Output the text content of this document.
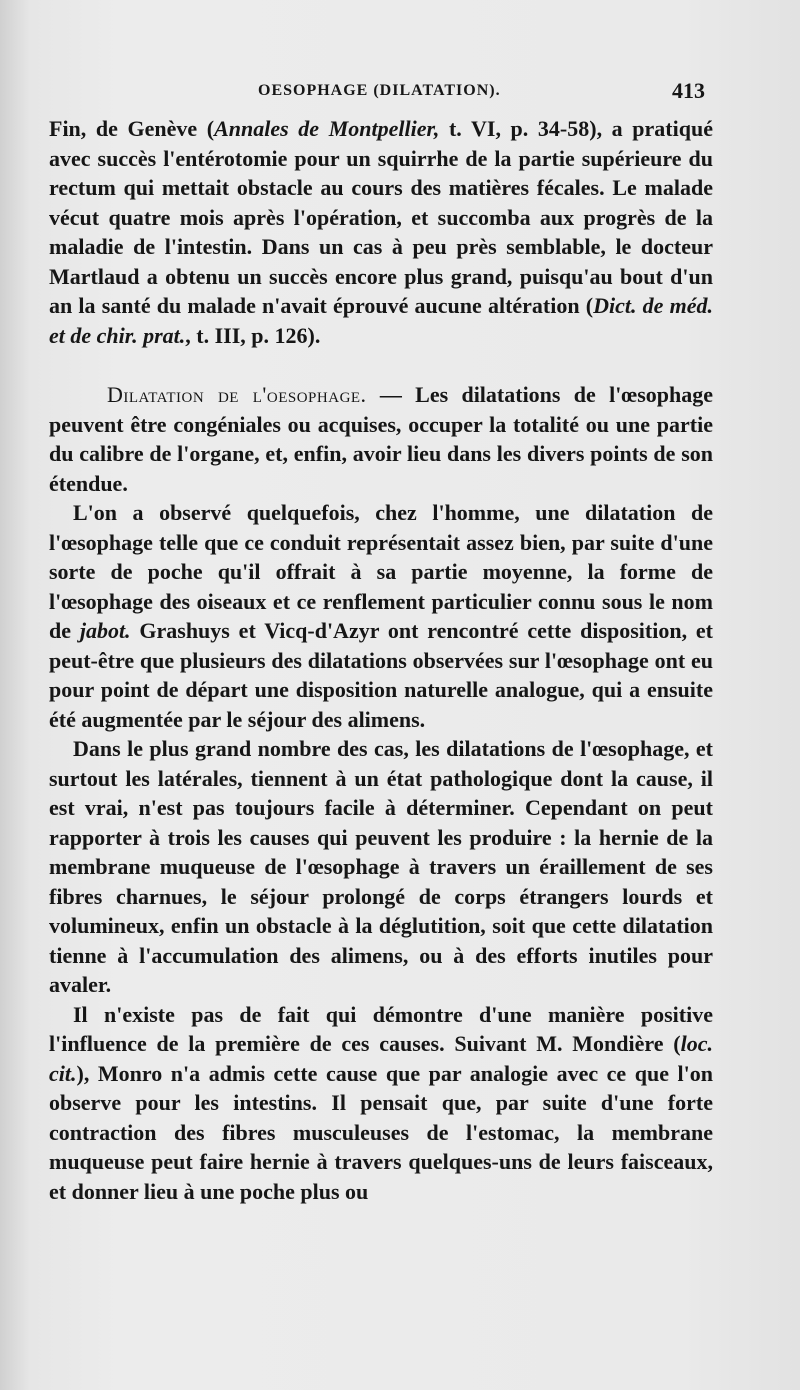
OESOPHAGE (DILATATION).	413

Fin, de Genève (Annales de Montpellier, t. VI, p. 34-58), a pratiqué avec succès l'entérotomie pour un squirrhe de la partie supérieure du rectum qui mettait obstacle au cours des matières fécales. Le malade vécut quatre mois après l'opération, et succomba aux progrès de la maladie de l'intestin. Dans un cas à peu près semblable, le docteur Martlaud a obtenu un succès encore plus grand, puisqu'au bout d'un an la santé du malade n'avait éprouvé aucune altération (Dict. de méd. et de chir. prat., t. III, p. 126).

Dilatation de l'oesophage. — Les dilatations de l'œsophage peuvent être congéniales ou acquises, occuper la totalité ou une partie du calibre de l'organe, et, enfin, avoir lieu dans les divers points de son étendue.

L'on a observé quelquefois, chez l'homme, une dilatation de l'œsophage telle que ce conduit représentait assez bien, par suite d'une sorte de poche qu'il offrait à sa partie moyenne, la forme de l'œsophage des oiseaux et ce renflement particulier connu sous le nom de jabot. Grashuys et Vicq-d'Azyr ont rencontré cette disposition, et peut-être que plusieurs des dilatations observées sur l'œsophage ont eu pour point de départ une disposition naturelle analogue, qui a ensuite été augmentée par le séjour des alimens.

Dans le plus grand nombre des cas, les dilatations de l'œsophage, et surtout les latérales, tiennent à un état pathologique dont la cause, il est vrai, n'est pas toujours facile à déterminer. Cependant on peut rapporter à trois les causes qui peuvent les produire : la hernie de la membrane muqueuse de l'œsophage à travers un éraillement de ses fibres charnues, le séjour prolongé de corps étrangers lourds et volumineux, enfin un obstacle à la déglutition, soit que cette dilatation tienne à l'accumulation des alimens, ou à des efforts inutiles pour avaler.

Il n'existe pas de fait qui démontre d'une manière positive l'influence de la première de ces causes. Suivant M. Mondière (loc. cit.), Monro n'a admis cette cause que par analogie avec ce que l'on observe pour les intestins. Il pensait que, par suite d'une forte contraction des fibres musculeuses de l'estomac, la membrane muqueuse peut faire hernie à travers quelques-uns de leurs faisceaux, et donner lieu à une poche plus ou
